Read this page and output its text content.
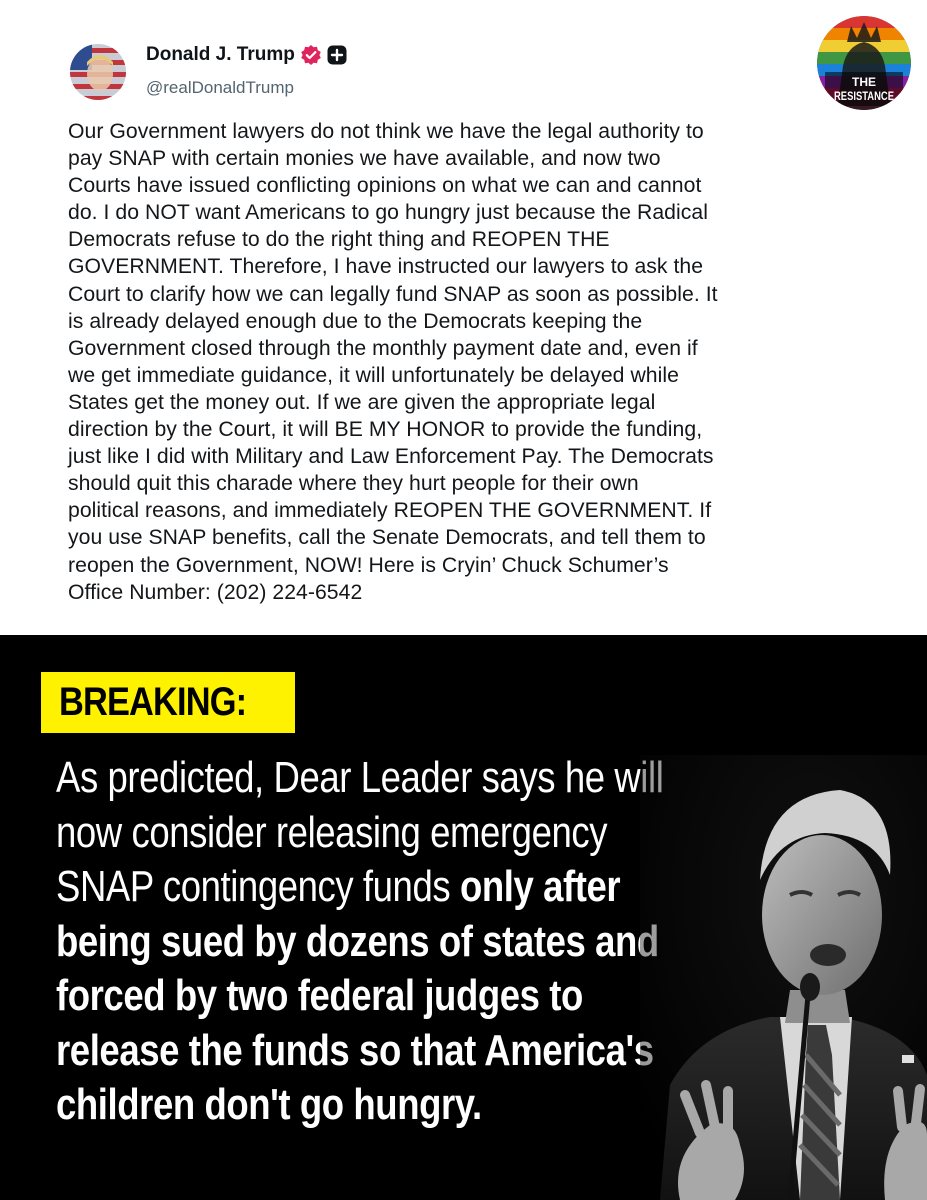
Donald J. Trump
@realDonaldTrump	THE
RESISTANCE
Our Government lawyers do not think we have the legal authority to
pay SNAP with certain monies we have available, and now two
Courts have issued conflicting opinions on what we can and cannot
do. I do NOT want Americans to go hungry just because the Radical
Democrats refuse to do the right thing and REOPEN THE
GOVERNMENT. Therefore, I have instructed our lawyers to ask the
Court to clarify how we can legally fund SNAP as soon as possible. It
is already delayed enough due to the Democrats keeping the
Government closed through the monthly payment date and, even if
we get immediate guidance, it will unfortunately be delayed while
States get the money out. If we are given the appropriate legal
direction by the Court, it will BE MY HONOR to provide the funding,
just like I did with Military and Law Enforcement Pay. The Democrats
should quit this charade where they hurt people for their own
political reasons, and immediately REOPEN THE GOVERNMENT. If
you use SNAP benefits, call the Senate Democrats, and tell them to
reopen the Government, NOW! Here is Cryin’ Chuck Schumer’s
Office Number: (202) 224-6542
BREAKING:
As predicted, Dear Leader says he will now consider releasing emergency SNAP contingency funds only after being sued by dozens of states and forced by two federal judges to release the funds so that America's children don't go hungry.
